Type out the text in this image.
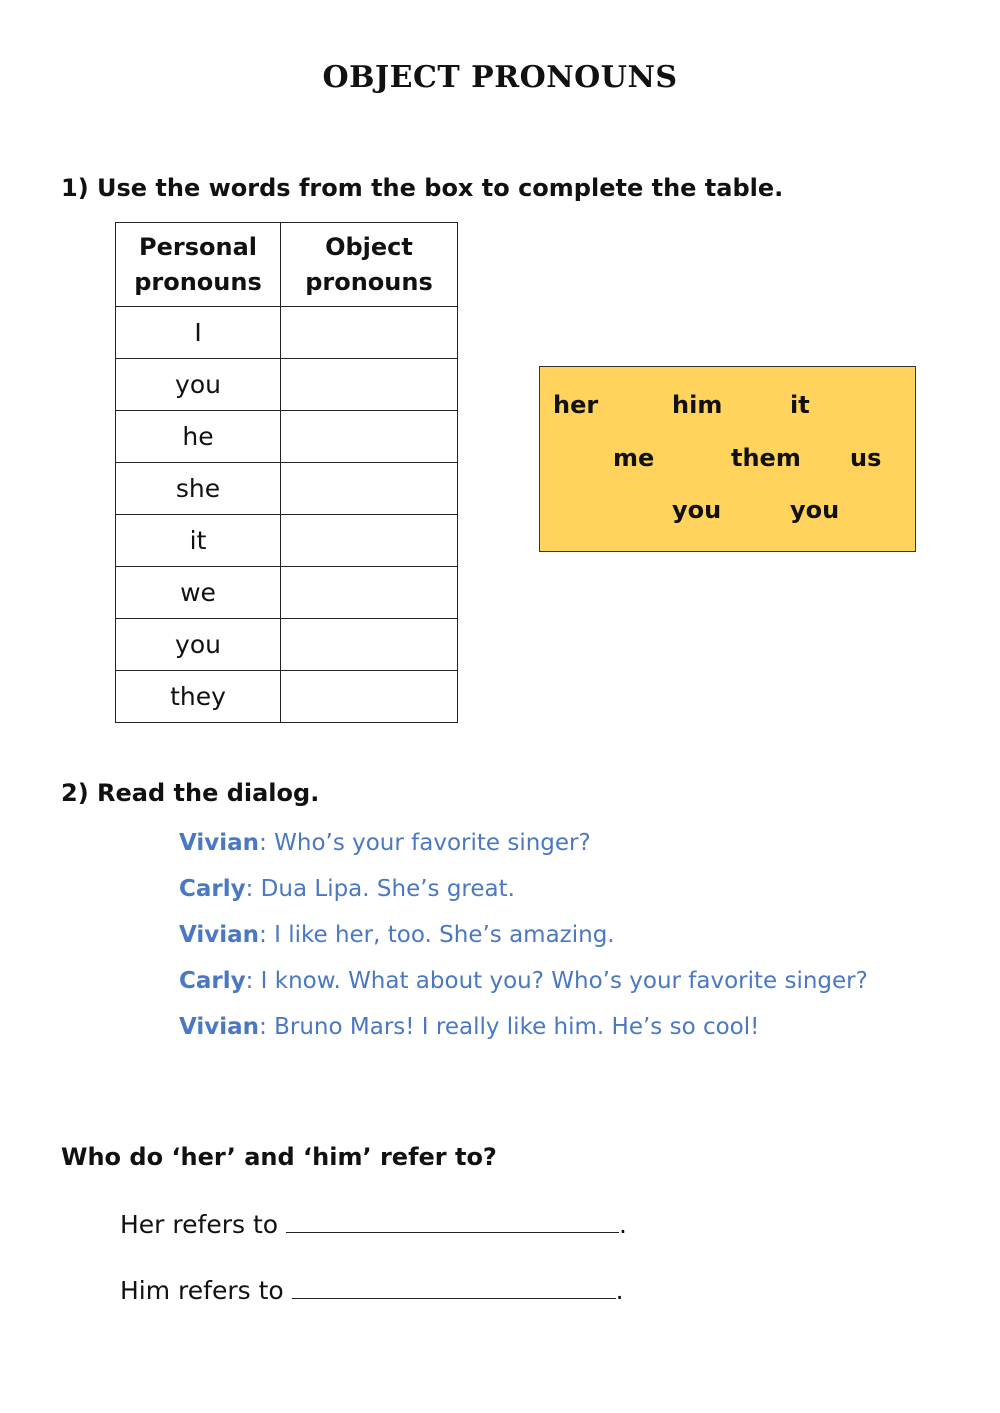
OBJECT PRONOUNS
1) Use the words from the box to complete the table.
Personal pronouns	Object pronouns

I	
you	
he	
she	
it	
we	
you	
they	
her	him	it
me	them us
you	you
2) Read the dialog.
Vivian: Who’s your favorite singer?
Carly: Dua Lipa. She’s great.
Vivian: I like her, too. She’s amazing.
Carly: I know. What about you? Who’s your favorite singer?
Vivian: Bruno Mars! I really like him. He’s so cool!
Who do ‘her’ and ‘him’ refer to?
Her refers to	.
Him refers to	.
